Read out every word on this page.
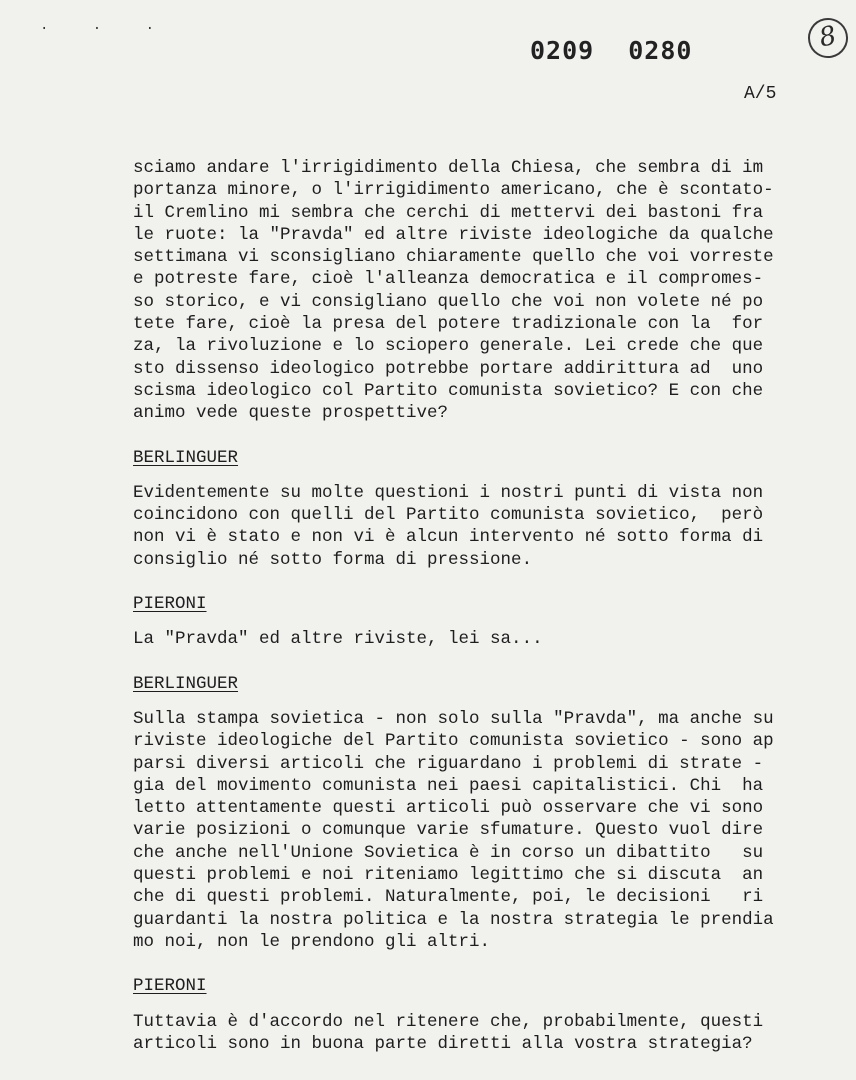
. . .
0209 0280	8
A/5
sciamo andare l'irrigidimento della Chiesa, che sembra di im
portanza minore, o l'irrigidimento americano, che è scontato-
il Cremlino mi sembra che cerchi di mettervi dei bastoni fra
le ruote: la "Pravda" ed altre riviste ideologiche da qualche
settimana vi sconsigliano chiaramente quello che voi vorreste
e potreste fare, cioè l'alleanza democratica e il compromes-
so storico, e vi consigliano quello che voi non volete né po
tete fare, cioè la presa del potere tradizionale con la  for
za, la rivoluzione e lo sciopero generale. Lei crede che que
sto dissenso ideologico potrebbe portare addirittura ad  uno
scisma ideologico col Partito comunista sovietico? E con che
animo vede queste prospettive?
BERLINGUER
Evidentemente su molte questioni i nostri punti di vista non
coincidono con quelli del Partito comunista sovietico,  però
non vi è stato e non vi è alcun intervento né sotto forma di
consiglio né sotto forma di pressione.
PIERONI
La "Pravda" ed altre riviste, lei sa...
BERLINGUER
Sulla stampa sovietica - non solo sulla "Pravda", ma anche su
riviste ideologiche del Partito comunista sovietico - sono ap
parsi diversi articoli che riguardano i problemi di strate -
gia del movimento comunista nei paesi capitalistici. Chi  ha
letto attentamente questi articoli può osservare che vi sono
varie posizioni o comunque varie sfumature. Questo vuol dire
che anche nell'Unione Sovietica è in corso un dibattito   su
questi problemi e noi riteniamo legittimo che si discuta  an
che di questi problemi. Naturalmente, poi, le decisioni   ri
guardanti la nostra politica e la nostra strategia le prendia
mo noi, non le prendono gli altri.
PIERONI
Tuttavia è d'accordo nel ritenere che, probabilmente, questi
articoli sono in buona parte diretti alla vostra strategia?
